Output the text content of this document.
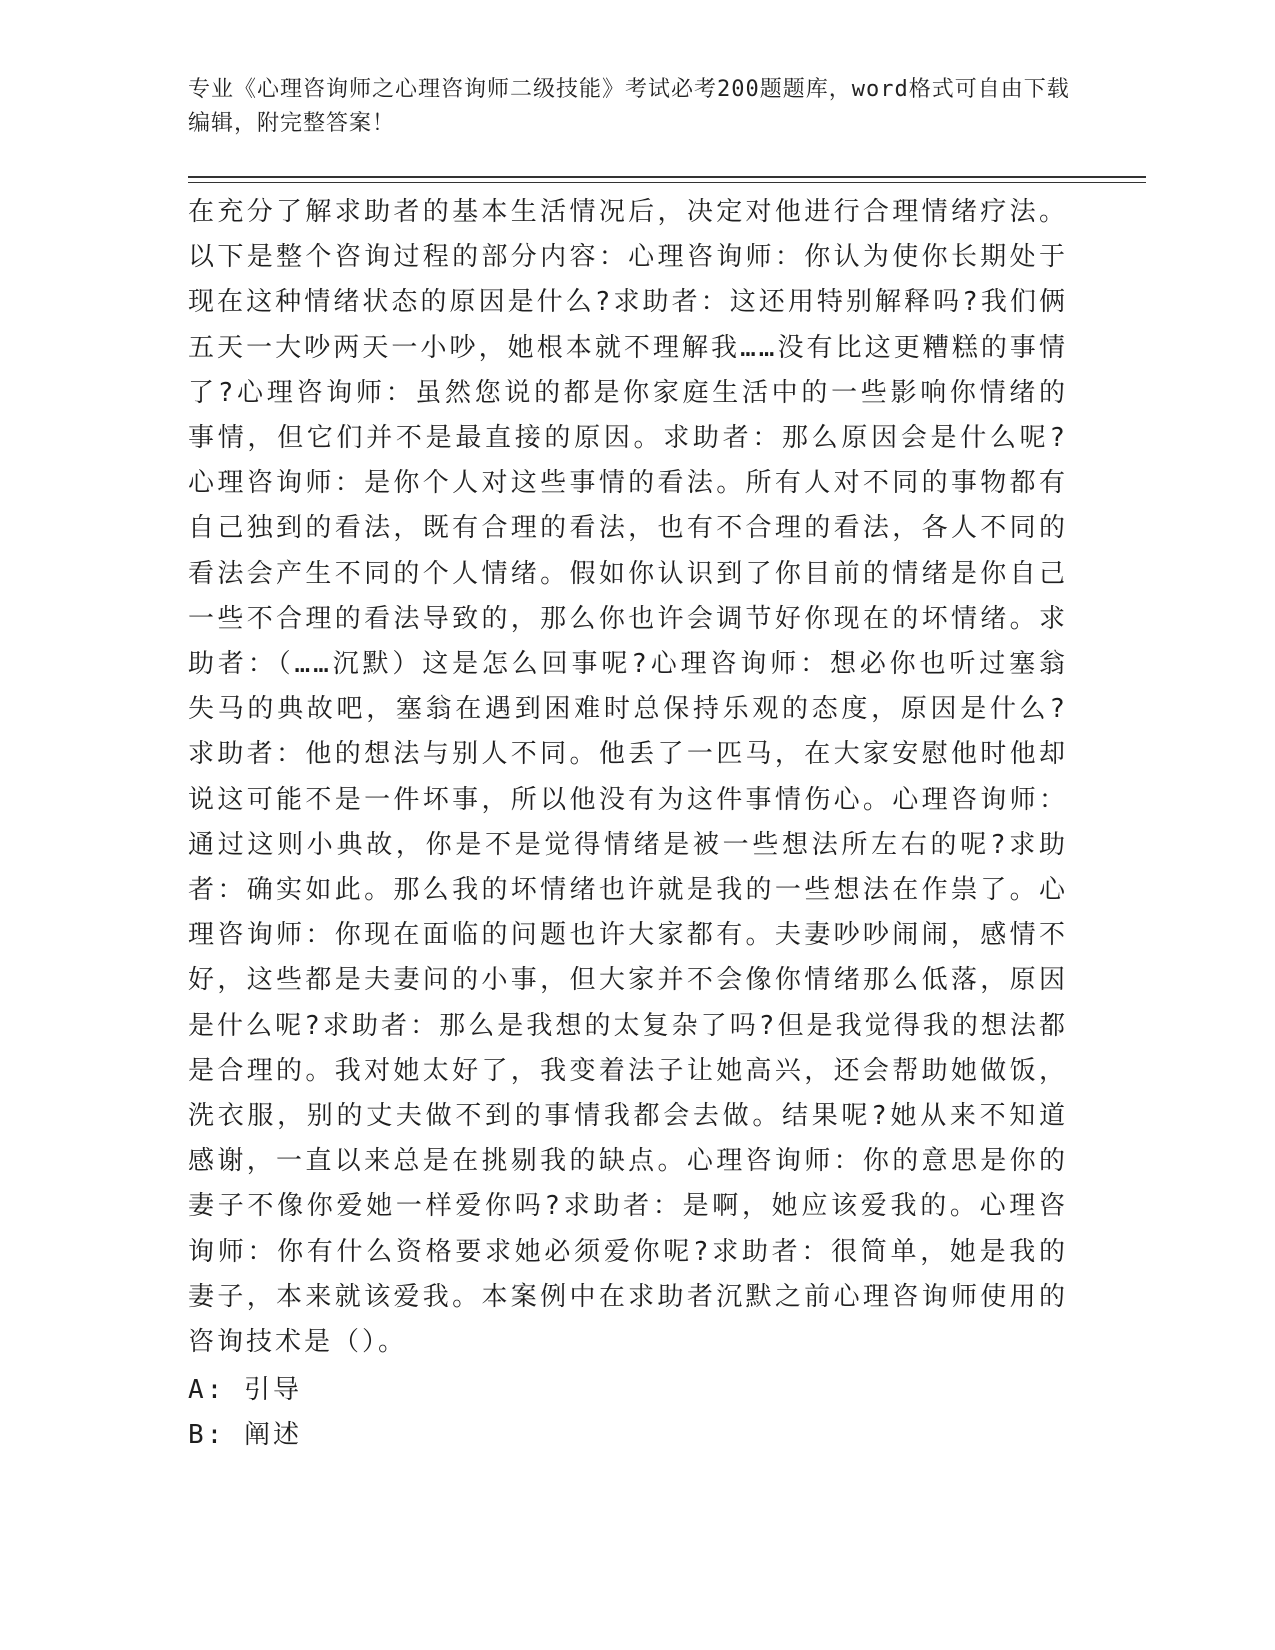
专业《心理咨询师之心理咨询师二级技能》考试必考200题题库，word格式可自由下载编辑，附完整答案！
在充分了解求助者的基本生活情况后，决定对他进行合理情绪疗法。以下是整个咨询过程的部分内容：心理咨询师：你认为使你长期处于现在这种情绪状态的原因是什么?求助者：这还用特别解释吗?我们俩五天一大吵两天一小吵，她根本就不理解我……没有比这更糟糕的事情了?心理咨询师：虽然您说的都是你家庭生活中的一些影响你情绪的事情，但它们并不是最直接的原因。求助者：那么原因会是什么呢?心理咨询师：是你个人对这些事情的看法。所有人对不同的事物都有自己独到的看法，既有合理的看法，也有不合理的看法，各人不同的看法会产生不同的个人情绪。假如你认识到了你目前的情绪是你自己一些不合理的看法导致的，那么你也许会调节好你现在的坏情绪。求助者：（……沉默）这是怎么回事呢?心理咨询师：想必你也听过塞翁失马的典故吧，塞翁在遇到困难时总保持乐观的态度，原因是什么?求助者：他的想法与别人不同。他丢了一匹马，在大家安慰他时他却说这可能不是一件坏事，所以他没有为这件事情伤心。心理咨询师：通过这则小典故，你是不是觉得情绪是被一些想法所左右的呢?求助者：确实如此。那么我的坏情绪也许就是我的一些想法在作祟了。心理咨询师：你现在面临的问题也许大家都有。夫妻吵吵闹闹，感情不好，这些都是夫妻问的小事，但大家并不会像你情绪那么低落，原因是什么呢?求助者：那么是我想的太复杂了吗?但是我觉得我的想法都是合理的。我对她太好了，我变着法子让她高兴，还会帮助她做饭，洗衣服，别的丈夫做不到的事情我都会去做。结果呢?她从来不知道感谢，一直以来总是在挑剔我的缺点。心理咨询师：你的意思是你的妻子不像你爱她一样爱你吗?求助者：是啊，她应该爱我的。心理咨询师：你有什么资格要求她必须爱你呢?求助者：很简单，她是我的妻子，本来就该爱我。本案例中在求助者沉默之前心理咨询师使用的咨询技术是（）。
A: 引导
B: 阐述
